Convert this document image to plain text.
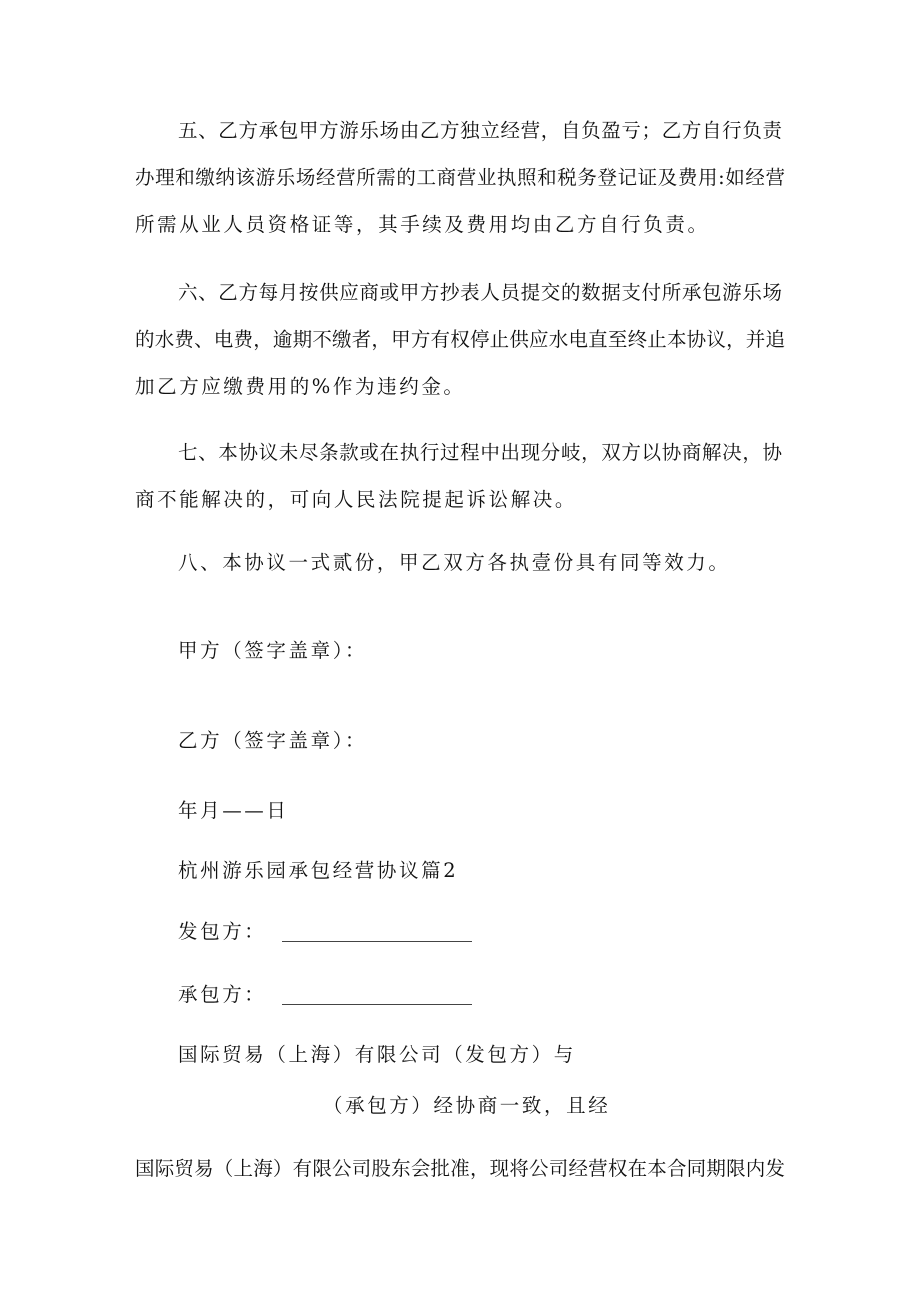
五、乙方承包甲方游乐场由乙方独立经营，自负盈亏；乙方自行负责
办理和缴纳该游乐场经营所需的工商营业执照和税务登记证及费用:如经营
所需从业人员资格证等，其手续及费用均由乙方自行负责。
六、乙方每月按供应商或甲方抄表人员提交的数据支付所承包游乐场
的水费、电费，逾期不缴者，甲方有权停止供应水电直至终止本协议，并追
加乙方应缴费用的%作为违约金。
七、本协议未尽条款或在执行过程中出现分岐，双方以协商解决，协
商不能解决的，可向人民法院提起诉讼解决。
八、本协议一式贰份，甲乙双方各执壹份具有同等效力。
甲方（签字盖章）：
乙方（签字盖章）：
年月——日
杭州游乐园承包经营协议篇2
发包方：
承包方：
国际贸易（上海）有限公司（发包方）与
（承包方）经协商一致，且经
国际贸易（上海）有限公司股东会批准，现将公司经营权在本合同期限内发
